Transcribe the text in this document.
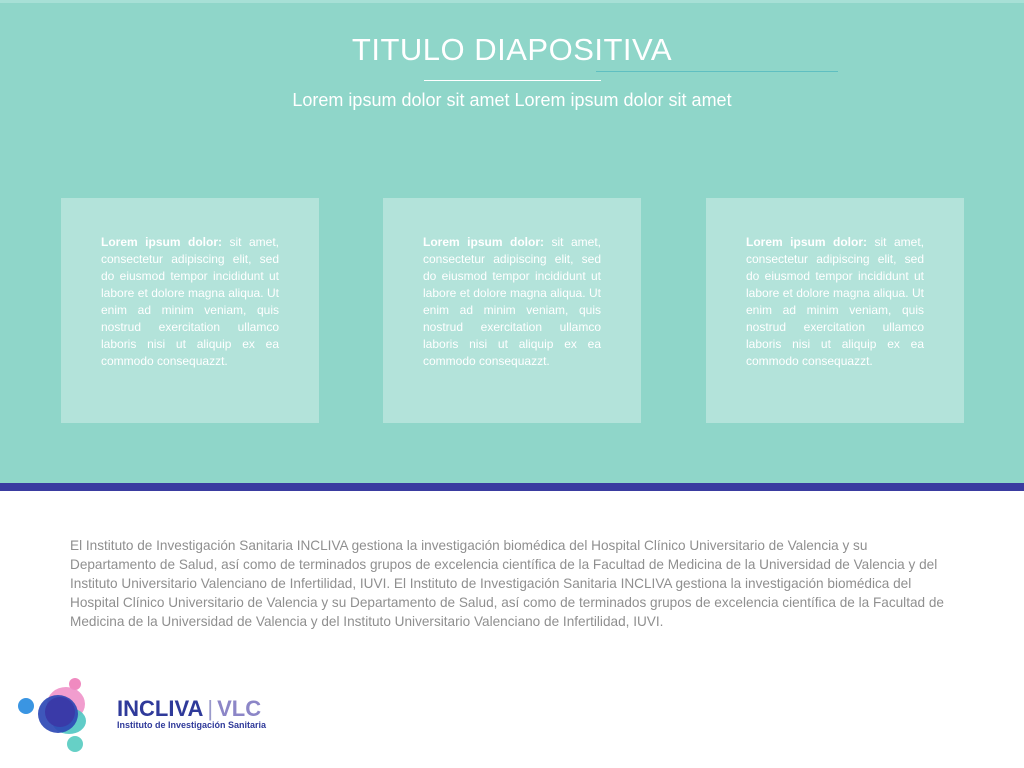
TITULO DIAPOSITIVA
Lorem ipsum dolor sit amet Lorem ipsum dolor sit amet
Lorem ipsum dolor: sit amet, consectetur adipiscing elit, sed do eiusmod tempor incididunt ut labore et dolore magna aliqua. Ut enim ad minim veniam, quis nostrud exercitation ullamco laboris nisi ut aliquip ex ea commodo consequazzt.
Lorem ipsum dolor: sit amet, consectetur adipiscing elit, sed do eiusmod tempor incididunt ut labore et dolore magna aliqua. Ut enim ad minim veniam, quis nostrud exercitation ullamco laboris nisi ut aliquip ex ea commodo consequazzt.
Lorem ipsum dolor: sit amet, consectetur adipiscing elit, sed do eiusmod tempor incididunt ut labore et dolore magna aliqua. Ut enim ad minim veniam, quis nostrud exercitation ullamco laboris nisi ut aliquip ex ea commodo consequazzt.
El Instituto de Investigación Sanitaria INCLIVA gestiona la investigación biomédica del Hospital Clínico Universitario de Valencia y su Departamento de Salud, así como de terminados grupos de excelencia científica de la Facultad de Medicina de la Universidad de Valencia y del Instituto Universitario Valenciano de Infertilidad, IUVI. El Instituto de Investigación Sanitaria INCLIVA gestiona la investigación biomédica del Hospital Clínico Universitario de Valencia y su Departamento de Salud, así como de terminados grupos de excelencia científica de la Facultad de Medicina de la Universidad de Valencia y del Instituto Universitario Valenciano de Infertilidad, IUVI.
INCLIVA | VLC
Instituto de Investigación Sanitaria
